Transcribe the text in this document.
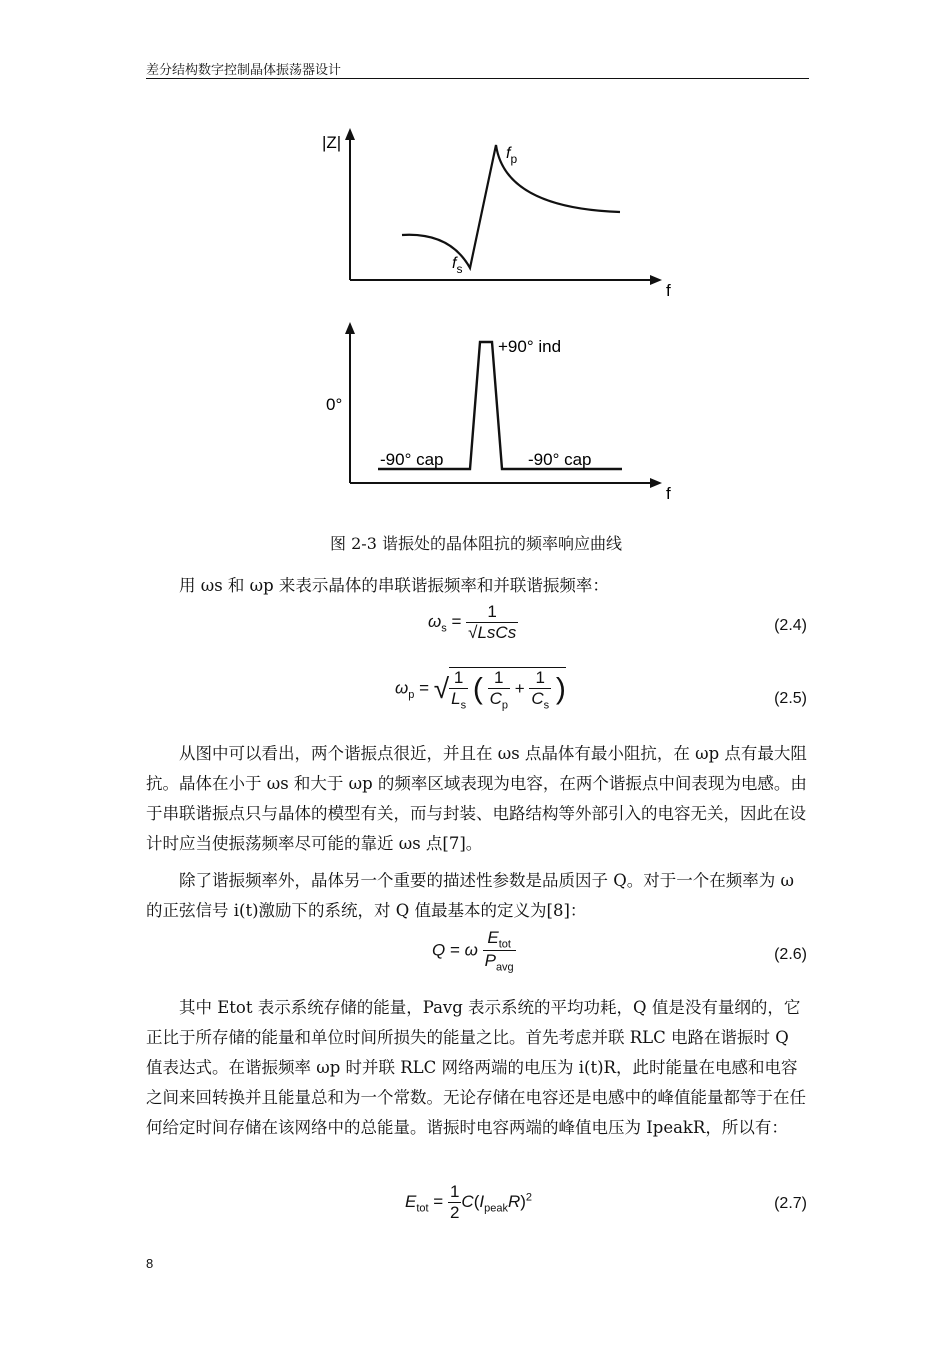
差分结构数字控制晶体振荡器设计
|Z|
f
$f_p$
$f_s$
+90° ind
0°
-90° cap	-90° cap
f
图 2-3 谐振处的晶体阻抗的频率响应曲线
用 ωs 和 ωp 来表示晶体的串联谐振频率和并联谐振频率：
$\omega_s = \frac{1}{\text{√LsCs}}$	(2.4)
$\omega_p$ = √ $\frac{1}{L_s}$ ( $\frac{1}{C_p} + \frac{1}{C_s}$ )	(2.5)
从图中可以看出，两个谐振点很近，并且在 ωs 点晶体有最小阻抗，在 ωp 点有最大阻抗。晶体在小于 ωs 和大于 ωp 的频率区域表现为电容，在两个谐振点中间表现为电感。由于串联谐振点只与晶体的模型有关，而与封装、电路结构等外部引入的电容无关，因此在设计时应当使振荡频率尽可能的靠近 ωs 点[7]。
除了谐振频率外，晶体另一个重要的描述性参数是品质因子 Q。对于一个在频率为 ω 的正弦信号 i(t)激励下的系统，对 Q 值最基本的定义为[8]：
Q = ω $\frac{E_{tot}}{P_{avg}}$	(2.6)
其中 Etot 表示系统存储的能量，Pavg 表示系统的平均功耗，Q 值是没有量纲的，它正比于所存储的能量和单位时间所损失的能量之比。首先考虑并联 RLC 电路在谐振时 Q 值表达式。在谐振频率 ωp 时并联 RLC 网络两端的电压为 i(t)R，此时能量在电感和电容之间来回转换并且能量总和为一个常数。无论存储在电容还是电感中的峰值能量都等于在任何给定时间存储在该网络中的总能量。谐振时电容两端的峰值电压为 IpeakR，所以有：
$E_{tot} = \frac{1}{2} C(I_{peak}R)^2$	(2.7)
8
